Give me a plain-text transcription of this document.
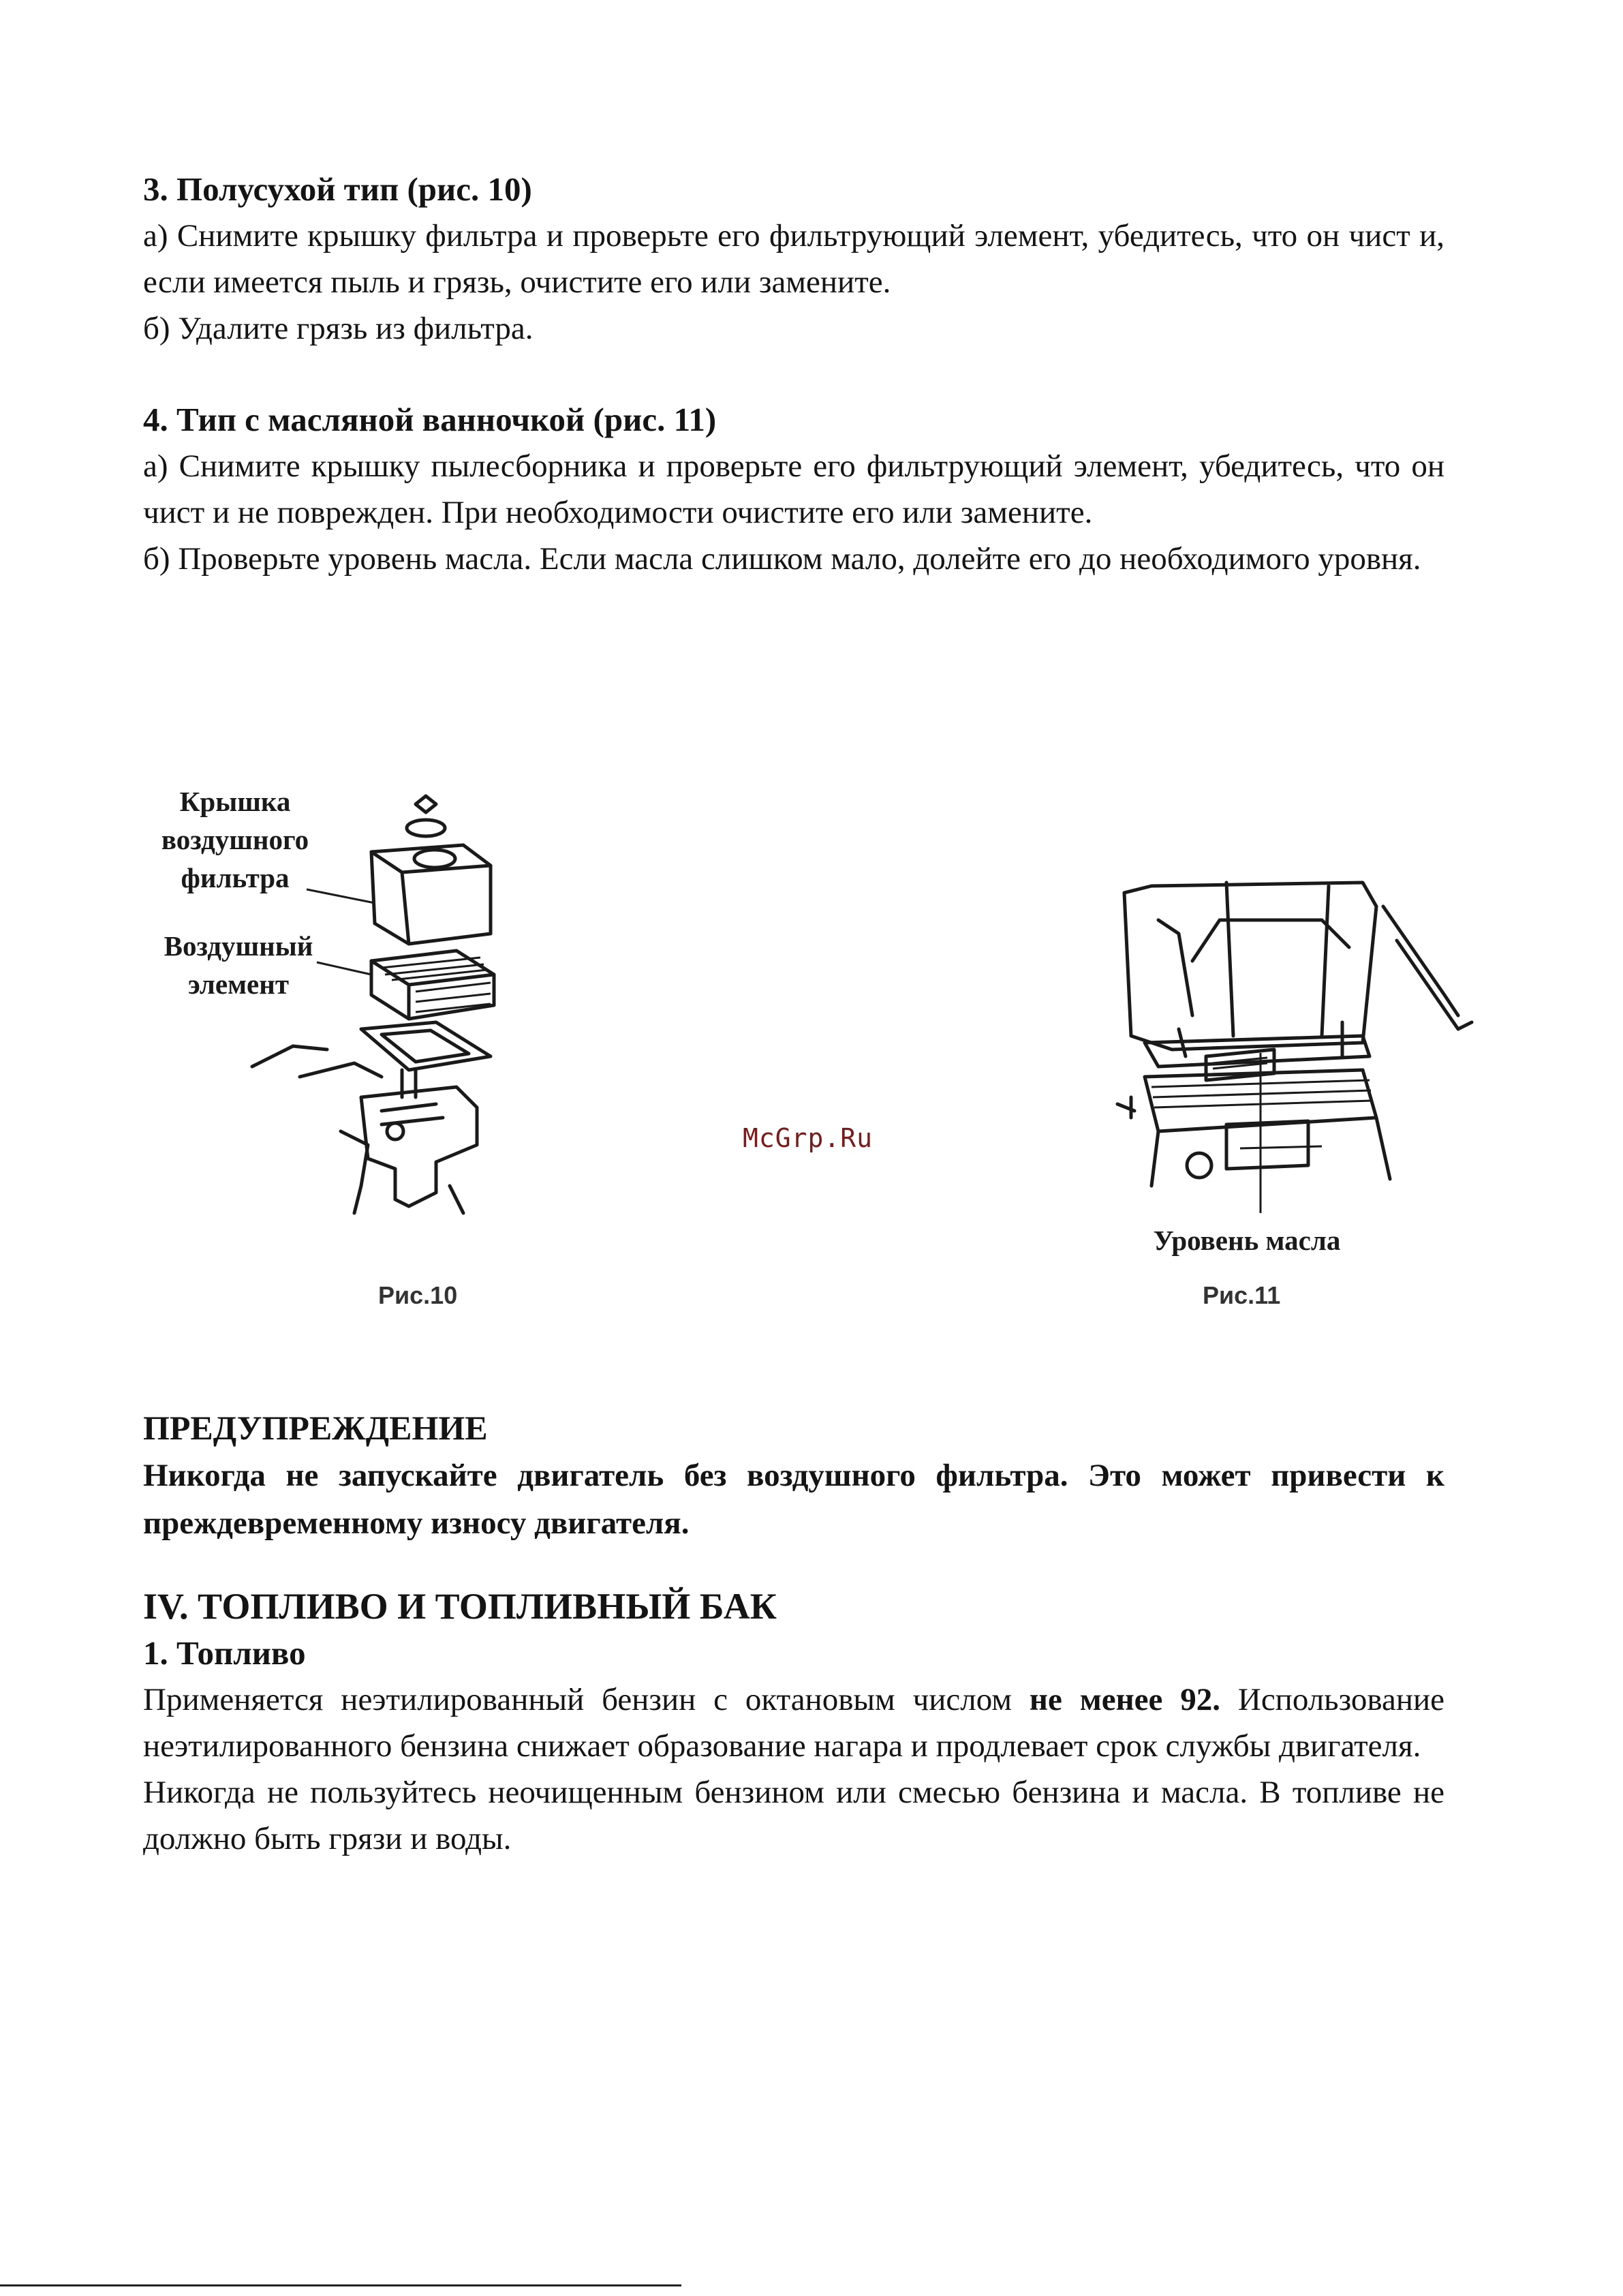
3. Полусухой тип (рис. 10)

а) Снимите крышку фильтра и проверьте его фильтрующий элемент, убедитесь, что он чист и, если имеется пыль и грязь, очистите его или замените.

б) Удалите грязь из фильтра.

4. Тип с масляной ванночкой (рис. 11)

а) Снимите крышку пылесборника и проверьте его фильтрующий элемент, убедитесь, что он чист и не поврежден. При необходимости очистите его или замените.

б) Проверьте уровень масла. Если масла слишком мало, долейте его до необходимого уровня.

Крышка
воздушного
фильтра
Воздушный
элемент
Рис.10
McGrp.Ru
Уровень масла
Рис.11

ПРЕДУПРЕЖДЕНИЕ

Никогда не запускайте двигатель без воздушного фильтра. Это может привести к преждевременному износу двигателя.

IV. ТОПЛИВО И ТОПЛИВНЫЙ БАК

1. Топливо

Применяется неэтилированный бензин с октановым числом не менее 92. Использование неэтилированного бензина снижает образование нагара и продлевает срок службы двигателя.

Никогда не пользуйтесь неочищенным бензином или смесью бензина и масла. В топливе не должно быть грязи и воды.
